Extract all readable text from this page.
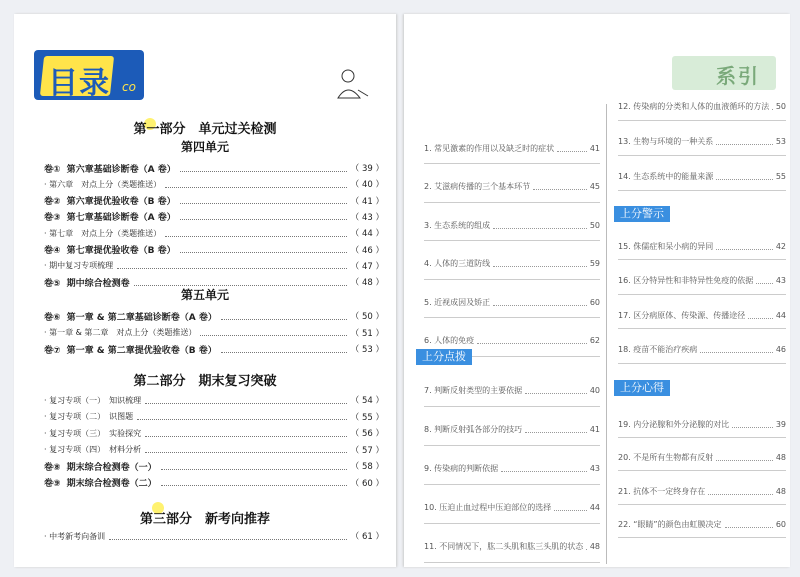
目录 co
第一部分　单元过关检测
第四单元
卷① 第六章基础诊断卷（A 卷）	（ 39 ）
· 第六章　对点上分（类题推送）	（ 40 ）
卷② 第六章提优验收卷（B 卷）	（ 41 ）
卷③ 第七章基础诊断卷（A 卷）	（ 43 ）
· 第七章　对点上分（类题推送）	（ 44 ）
卷④ 第七章提优验收卷（B 卷）	（ 46 ）
· 期中复习专项梳理	（ 47 ）
卷⑤ 期中综合检测卷	（ 48 ）
第五单元
卷⑥ 第一章 & 第二章基础诊断卷（A 卷）	（ 50 ）
· 第一章 & 第二章　对点上分（类题推送）	（ 51 ）
卷⑦ 第一章 & 第二章提优验收卷（B 卷）	（ 53 ）
第二部分　期末复习突破
· 复习专项（一）　知识梳理	（ 54 ）
· 复习专项（二）　识图题	（ 55 ）
· 复习专项（三）　实验探究	（ 56 ）
· 复习专项（四）　材料分析	（ 57 ）
卷⑧ 期末综合检测卷（一）	（ 58 ）
卷⑨ 期末综合检测卷（二）	（ 60 ）
第三部分　新考向推荐
· 中考新考向备训	（ 61 ）
系引
1. 常见激素的作用以及缺乏时的症状	41
2. 艾滋病传播的三个基本环节	45
3. 生态系统的组成	50
4. 人体的三道防线	59
5. 近视成因及矫正	60
6. 人体的免疫	62
上分点拨
7. 判断反射类型的主要依据	40
8. 判断反射弧各部分的技巧	41
9. 传染病的判断依据	43
10. 压迫止血过程中压迫部位的选择	44
11. 不同情况下，肱二头肌和肱三头肌的状态 48
12. 传染病的分类和人体的血液循环的方法 50
13. 生物与环境的一种关系	53
14. 生态系统中的能量来源	55
上分警示
15. 侏儒症和呆小病的异同	42
16. 区分特异性和非特异性免疫的依据	43
17. 区分病原体、传染源、传播途径	44
18. 疫苗不能治疗疾病	46
上分心得
19. 内分泌腺和外分泌腺的对比	39
20. 不是所有生物都有反射	48
21. 抗体不一定终身存在	48
22. “眼睛”的颜色由虹膜决定	60
